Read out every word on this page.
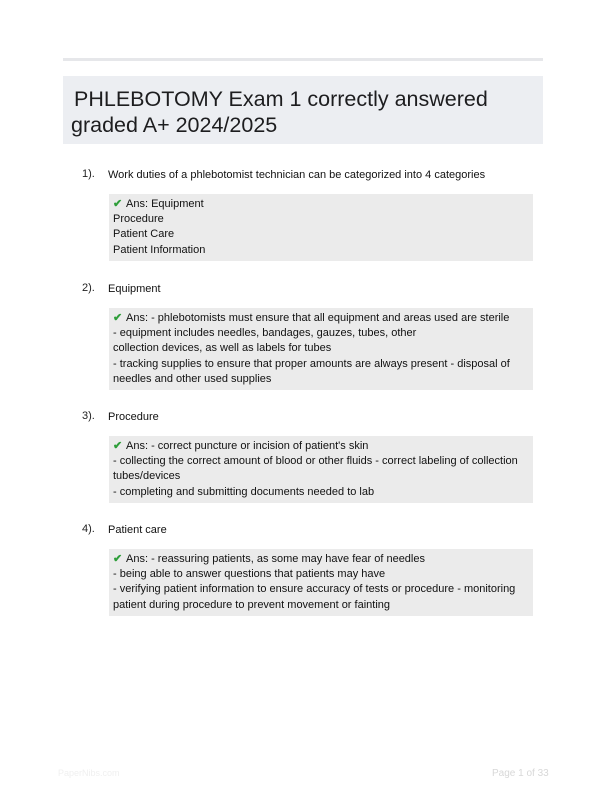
PHLEBOTOMY Exam 1 correctly answered graded A+ 2024/2025
1). Work duties of a phlebotomist technician can be categorized into 4 categories
✔ Ans: Equipment
Procedure
Patient Care
Patient Information
2). Equipment
✔ Ans: - phlebotomists must ensure that all equipment and areas used are sterile
- equipment includes needles, bandages, gauzes, tubes, other
collection devices, as well as labels for tubes
- tracking supplies to ensure that proper amounts are always present - disposal of
needles and other used supplies
3). Procedure
✔ Ans: - correct puncture or incision of patient's skin
- collecting the correct amount of blood or other fluids - correct labeling of collection
tubes/devices
- completing and submitting documents needed to lab
4). Patient care
✔ Ans: - reassuring patients, as some may have fear of needles
- being able to answer questions that patients may have
- verifying patient information to ensure accuracy of tests or procedure - monitoring
patient during procedure to prevent movement or fainting
PaperNibs.com	Page 1 of 33
